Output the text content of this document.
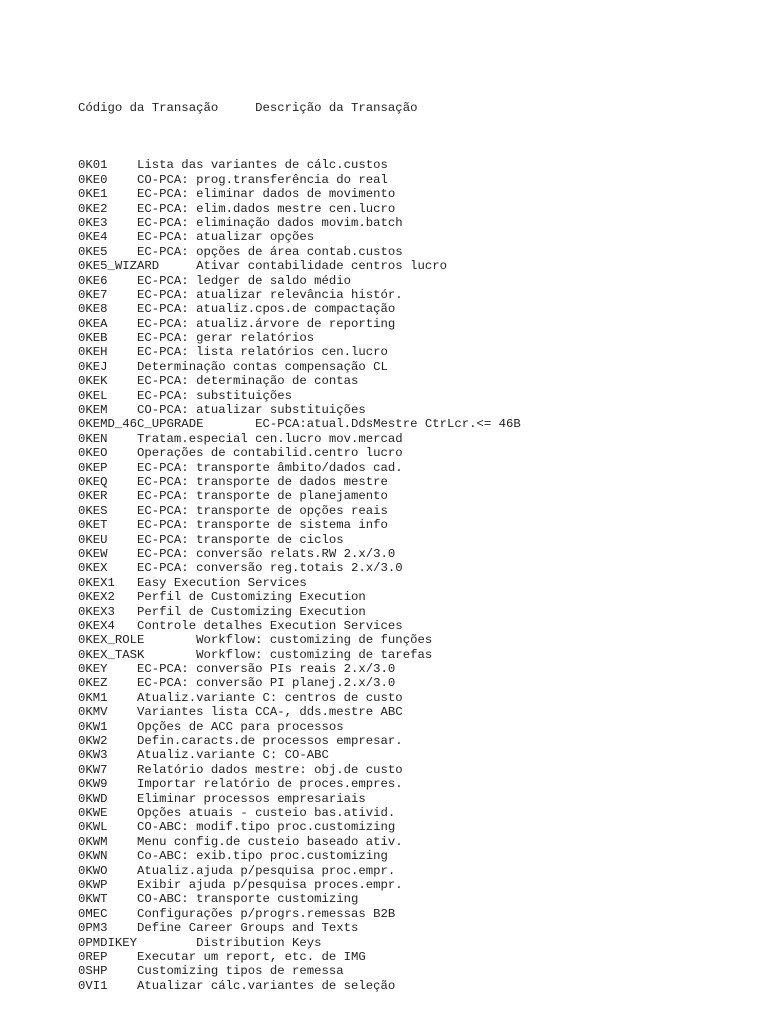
Código da Transação     Descrição da Transação

0K01    Lista das variantes de cálc.custos
0KE0    CO-PCA: prog.transferência do real
0KE1    EC-PCA: eliminar dados de movimento
0KE2    EC-PCA: elim.dados mestre cen.lucro
0KE3    EC-PCA: eliminação dados movim.batch
0KE4    EC-PCA: atualizar opções
0KE5    EC-PCA: opções de área contab.custos
0KE5_WIZARD     Ativar contabilidade centros lucro
0KE6    EC-PCA: ledger de saldo médio
0KE7    EC-PCA: atualizar relevância histór.
0KE8    EC-PCA: atualiz.cpos.de compactação
0KEA    EC-PCA: atualiz.árvore de reporting
0KEB    EC-PCA: gerar relatórios
0KEH    EC-PCA: lista relatórios cen.lucro
0KEJ    Determinação contas compensação CL
0KEK    EC-PCA: determinação de contas
0KEL    EC-PCA: substituições
0KEM    CO-PCA: atualizar substituições
0KEMD_46C_UPGRADE       EC-PCA:atual.DdsMestre CtrLcr.<= 46B
0KEN    Tratam.especial cen.lucro mov.mercad
0KEO    Operações de contabilid.centro lucro
0KEP    EC-PCA: transporte âmbito/dados cad.
0KEQ    EC-PCA: transporte de dados mestre
0KER    EC-PCA: transporte de planejamento
0KES    EC-PCA: transporte de opções reais
0KET    EC-PCA: transporte de sistema info
0KEU    EC-PCA: transporte de ciclos
0KEW    EC-PCA: conversão relats.RW 2.x/3.0
0KEX    EC-PCA: conversão reg.totais 2.x/3.0
0KEX1   Easy Execution Services
0KEX2   Perfil de Customizing Execution
0KEX3   Perfil de Customizing Execution
0KEX4   Controle detalhes Execution Services
0KEX_ROLE       Workflow: customizing de funções
0KEX_TASK       Workflow: customizing de tarefas
0KEY    EC-PCA: conversão PIs reais 2.x/3.0
0KEZ    EC-PCA: conversão PI planej.2.x/3.0
0KM1    Atualiz.variante C: centros de custo
0KMV    Variantes lista CCA-, dds.mestre ABC
0KW1    Opções de ACC para processos
0KW2    Defin.caracts.de processos empresar.
0KW3    Atualiz.variante C: CO-ABC
0KW7    Relatório dados mestre: obj.de custo
0KW9    Importar relatório de proces.empres.
0KWD    Eliminar processos empresariais
0KWE    Opções atuais - custeio bas.ativid.
0KWL    CO-ABC: modif.tipo proc.customizing
0KWM    Menu config.de custeio baseado ativ.
0KWN    Co-ABC: exib.tipo proc.customizing
0KWO    Atualiz.ajuda p/pesquisa proc.empr.
0KWP    Exibir ajuda p/pesquisa proces.empr.
0KWT    CO-ABC: transporte customizing
0MEC    Configurações p/progrs.remessas B2B
0PM3    Define Career Groups and Texts
0PMDIKEY        Distribution Keys
0REP    Executar um report, etc. de IMG
0SHP    Customizing tipos de remessa
0VI1    Atualizar cálc.variantes de seleção
